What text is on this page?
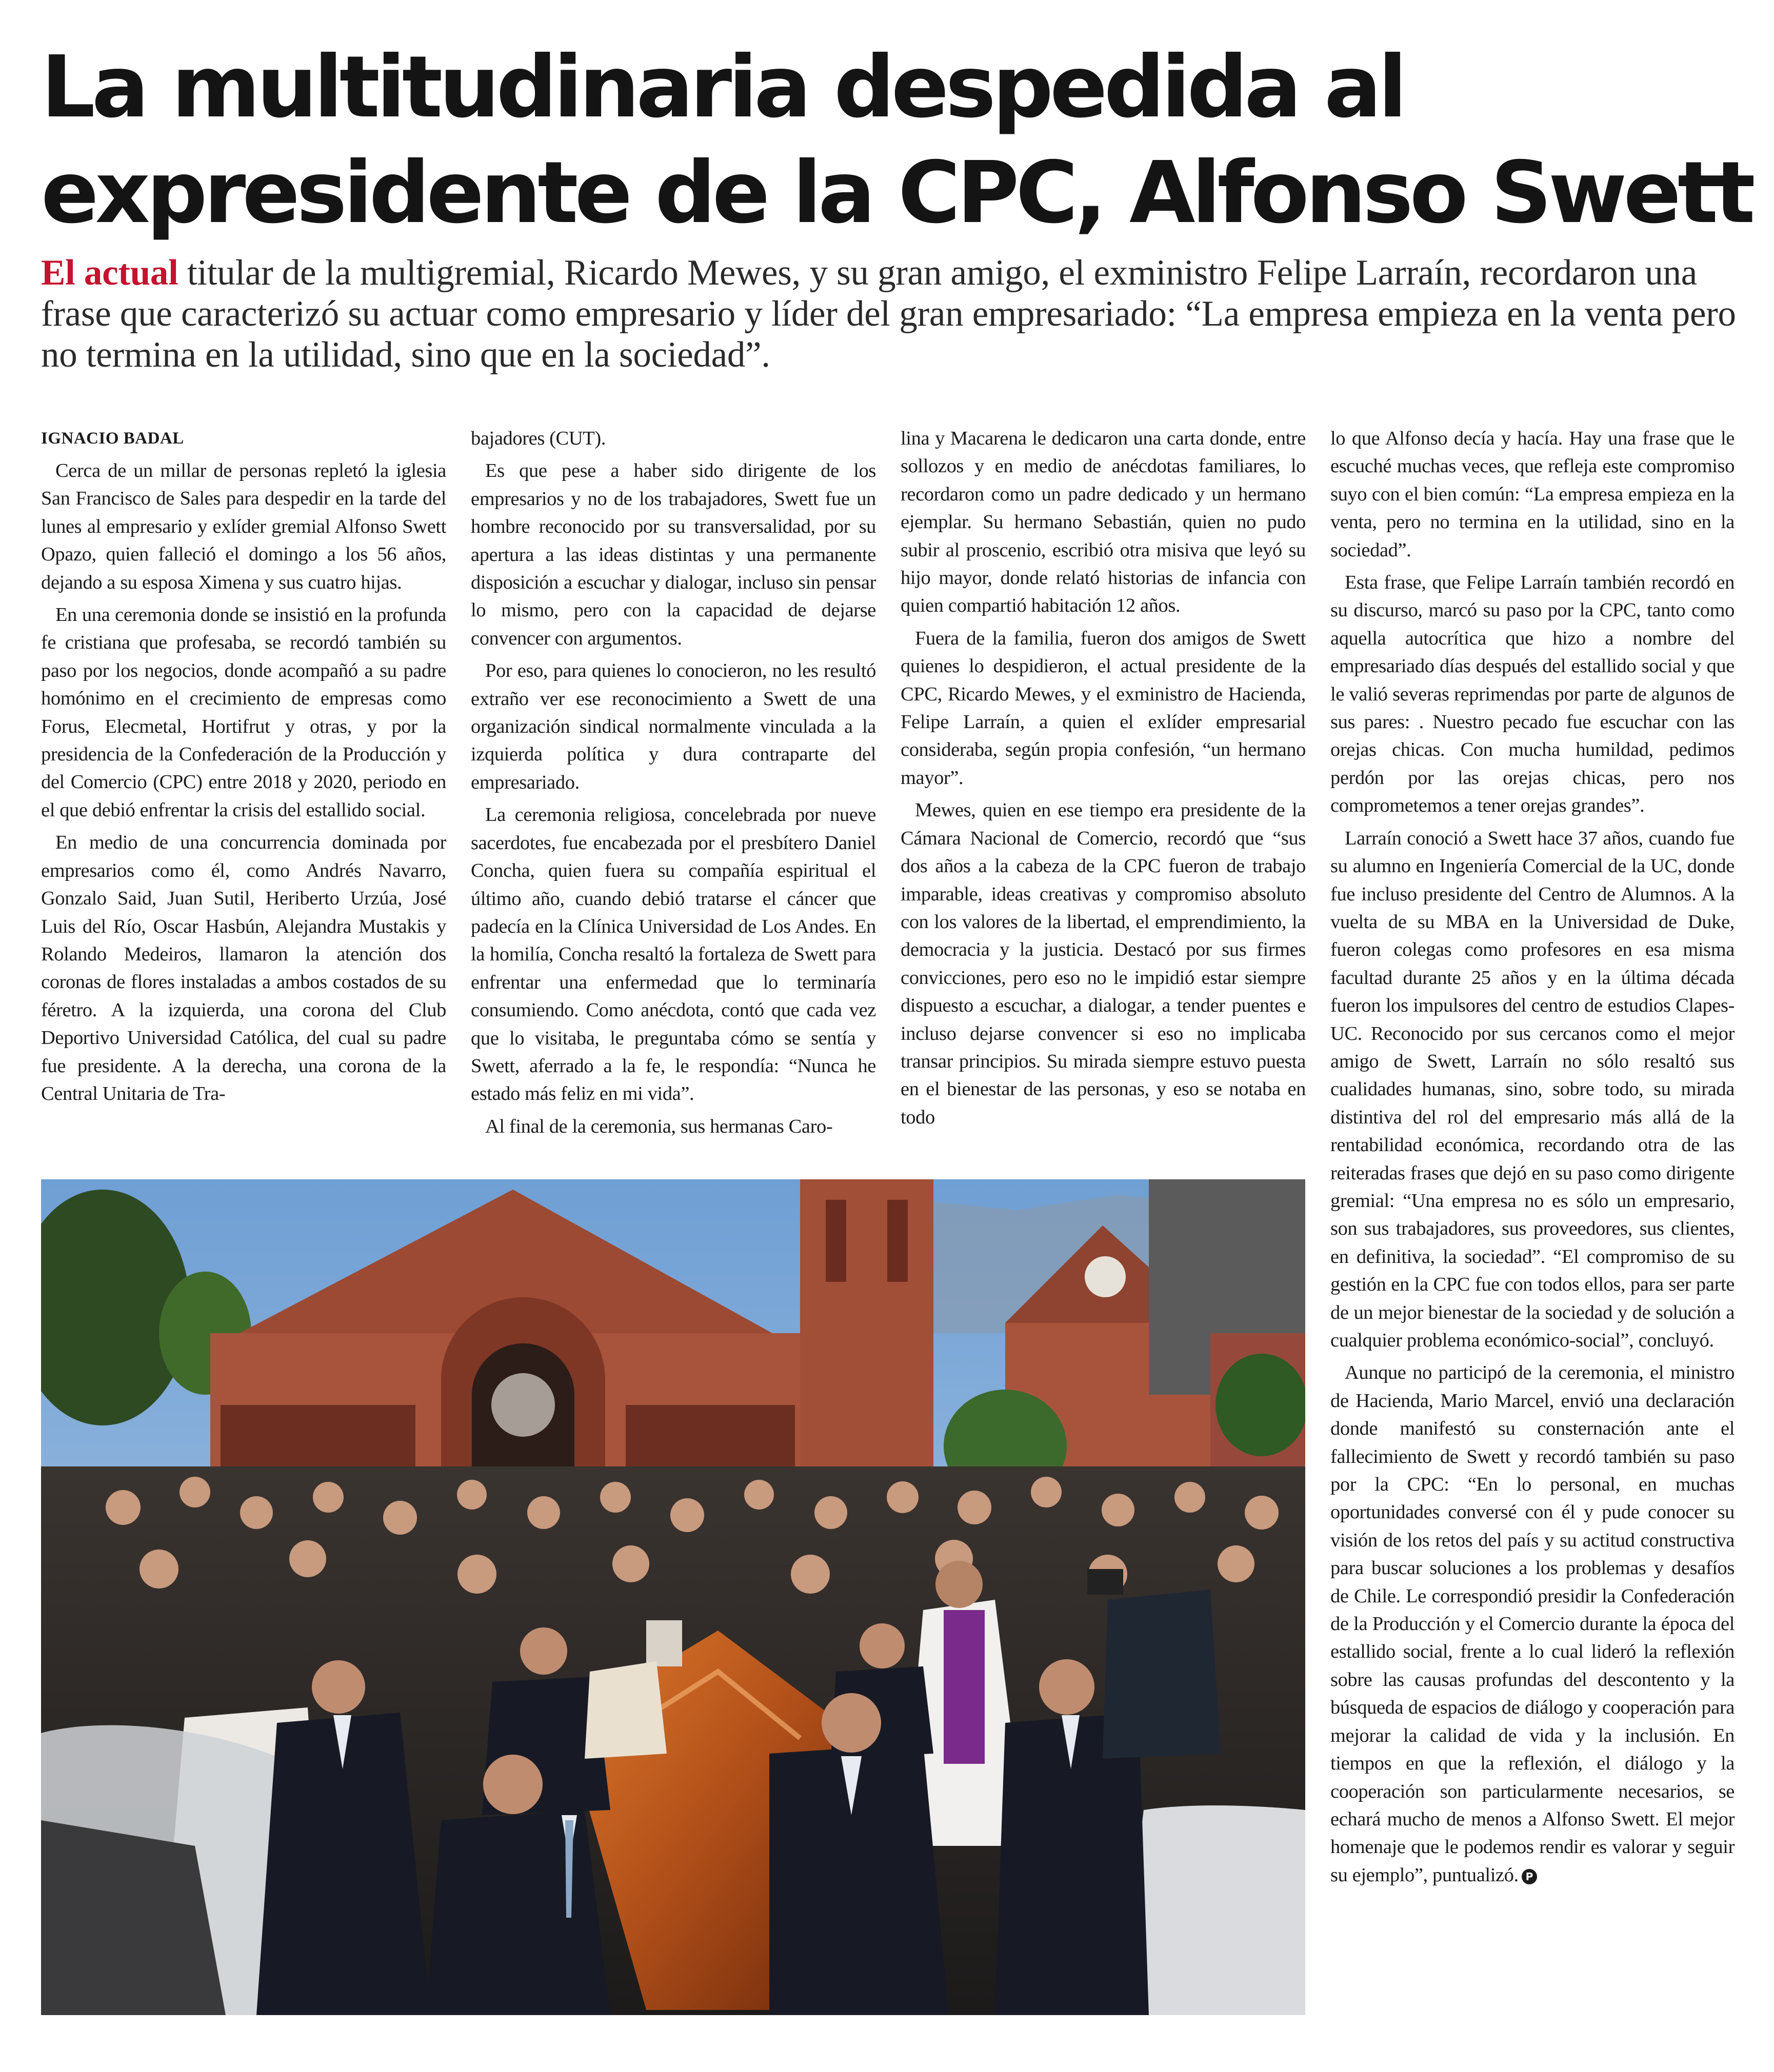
La multitudinaria despedida al
expresidente de la CPC, Alfonso Swett

El actual titular de la multigremial, Ricardo Mewes, y su gran amigo, el exministro Felipe Larraín, recordaron una frase que caracterizó su actuar como empresario y líder del gran empresariado: “La empresa empieza en la venta pero no termina en la utilidad, sino que en la sociedad”.

IGNACIO BADAL

Cerca de un millar de personas repletó la iglesia San Francisco de Sales para despedir en la tarde del lunes al empresario y exlíder gremial Alfonso Swett Opazo, quien falleció el domingo a los 56 años, dejando a su esposa Ximena y sus cuatro hijas.

En una ceremonia donde se insistió en la profunda fe cristiana que profesaba, se recordó también su paso por los negocios, donde acompañó a su padre homónimo en el crecimiento de empresas como Forus, Elecmetal, Hortifrut y otras, y por la presidencia de la Confederación de la Producción y del Comercio (CPC) entre 2018 y 2020, periodo en el que debió enfrentar la crisis del estallido social.

En medio de una concurrencia dominada por empresarios como él, como Andrés Navarro, Gonzalo Said, Juan Sutil, Heriberto Urzúa, José Luis del Río, Oscar Hasbún, Alejandra Mustakis y Rolando Medeiros, llamaron la atención dos coronas de flores instaladas a ambos costados de su féretro. A la izquierda, una corona del Club Deportivo Universidad Católica, del cual su padre fue presidente. A la derecha, una corona de la Central Unitaria de Tra-

bajadores (CUT).

Es que pese a haber sido dirigente de los empresarios y no de los trabajadores, Swett fue un hombre reconocido por su transversalidad, por su apertura a las ideas distintas y una permanente disposición a escuchar y dialogar, incluso sin pensar lo mismo, pero con la capacidad de dejarse convencer con argumentos.

Por eso, para quienes lo conocieron, no les resultó extraño ver ese reconocimiento a Swett de una organización sindical normalmente vinculada a la izquierda política y dura contraparte del empresariado.

La ceremonia religiosa, concelebrada por nueve sacerdotes, fue encabezada por el presbítero Daniel Concha, quien fuera su compañía espiritual el último año, cuando debió tratarse el cáncer que padecía en la Clínica Universidad de Los Andes. En la homilía, Concha resaltó la fortaleza de Swett para enfrentar una enfermedad que lo terminaría consumiendo. Como anécdota, contó que cada vez que lo visitaba, le preguntaba cómo se sentía y Swett, aferrado a la fe, le respondía: “Nunca he estado más feliz en mi vida”.

Al final de la ceremonia, sus hermanas Caro-

lina y Macarena le dedicaron una carta donde, entre sollozos y en medio de anécdotas familiares, lo recordaron como un padre dedicado y un hermano ejemplar. Su hermano Sebastián, quien no pudo subir al proscenio, escribió otra misiva que leyó su hijo mayor, donde relató historias de infancia con quien compartió habitación 12 años.

Fuera de la familia, fueron dos amigos de Swett quienes lo despidieron, el actual presidente de la CPC, Ricardo Mewes, y el exministro de Hacienda, Felipe Larraín, a quien el exlíder empresarial consideraba, según propia confesión, “un hermano mayor”.

Mewes, quien en ese tiempo era presidente de la Cámara Nacional de Comercio, recordó que “sus dos años a la cabeza de la CPC fueron de trabajo imparable, ideas creativas y compromiso absoluto con los valores de la libertad, el emprendimiento, la democracia y la justicia. Destacó por sus firmes convicciones, pero eso no le impidió estar siempre dispuesto a escuchar, a dialogar, a tender puentes e incluso dejarse convencer si eso no implicaba transar principios. Su mirada siempre estuvo puesta en el bienestar de las personas, y eso se notaba en todo

lo que Alfonso decía y hacía. Hay una frase que le escuché muchas veces, que refleja este compromiso suyo con el bien común: “La empresa empieza en la venta, pero no termina en la utilidad, sino en la sociedad”.

Esta frase, que Felipe Larraín también recordó en su discurso, marcó su paso por la CPC, tanto como aquella autocrítica que hizo a nombre del empresariado días después del estallido social y que le valió severas reprimendas por parte de algunos de sus pares: . Nuestro pecado fue escuchar con las orejas chicas. Con mucha humildad, pedimos perdón por las orejas chicas, pero nos comprometemos a tener orejas grandes”.

Larraín conoció a Swett hace 37 años, cuando fue su alumno en Ingeniería Comercial de la UC, donde fue incluso presidente del Centro de Alumnos. A la vuelta de su MBA en la Universidad de Duke, fueron colegas como profesores en esa misma facultad durante 25 años y en la última década fueron los impulsores del centro de estudios Clapes-UC. Reconocido por sus cercanos como el mejor amigo de Swett, Larraín no sólo resaltó sus cualidades humanas, sino, sobre todo, su mirada distintiva del rol del empresario más allá de la rentabilidad económica, recordando otra de las reiteradas frases que dejó en su paso como dirigente gremial: “Una empresa no es sólo un empresario, son sus trabajadores, sus proveedores, sus clientes, en definitiva, la sociedad”. “El compromiso de su gestión en la CPC fue con todos ellos, para ser parte de un mejor bienestar de la sociedad y de solución a cualquier problema económico-social”, concluyó.

Aunque no participó de la ceremonia, el ministro de Hacienda, Mario Marcel, envió una declaración donde manifestó su consternación ante el fallecimiento de Swett y recordó también su paso por la CPC: “En lo personal, en muchas oportunidades conversé con él y pude conocer su visión de los retos del país y su actitud constructiva para buscar soluciones a los problemas y desafíos de Chile. Le correspondió presidir la Confederación de la Producción y el Comercio durante la época del estallido social, frente a lo cual lideró la reflexión sobre las causas profundas del descontento y la búsqueda de espacios de diálogo y cooperación para mejorar la calidad de vida y la inclusión. En tiempos en que la reflexión, el diálogo y la cooperación son particularmente necesarios, se echará mucho de menos a Alfonso Swett. El mejor homenaje que le podemos rendir es valorar y seguir su ejemplo”, puntualizó. P
